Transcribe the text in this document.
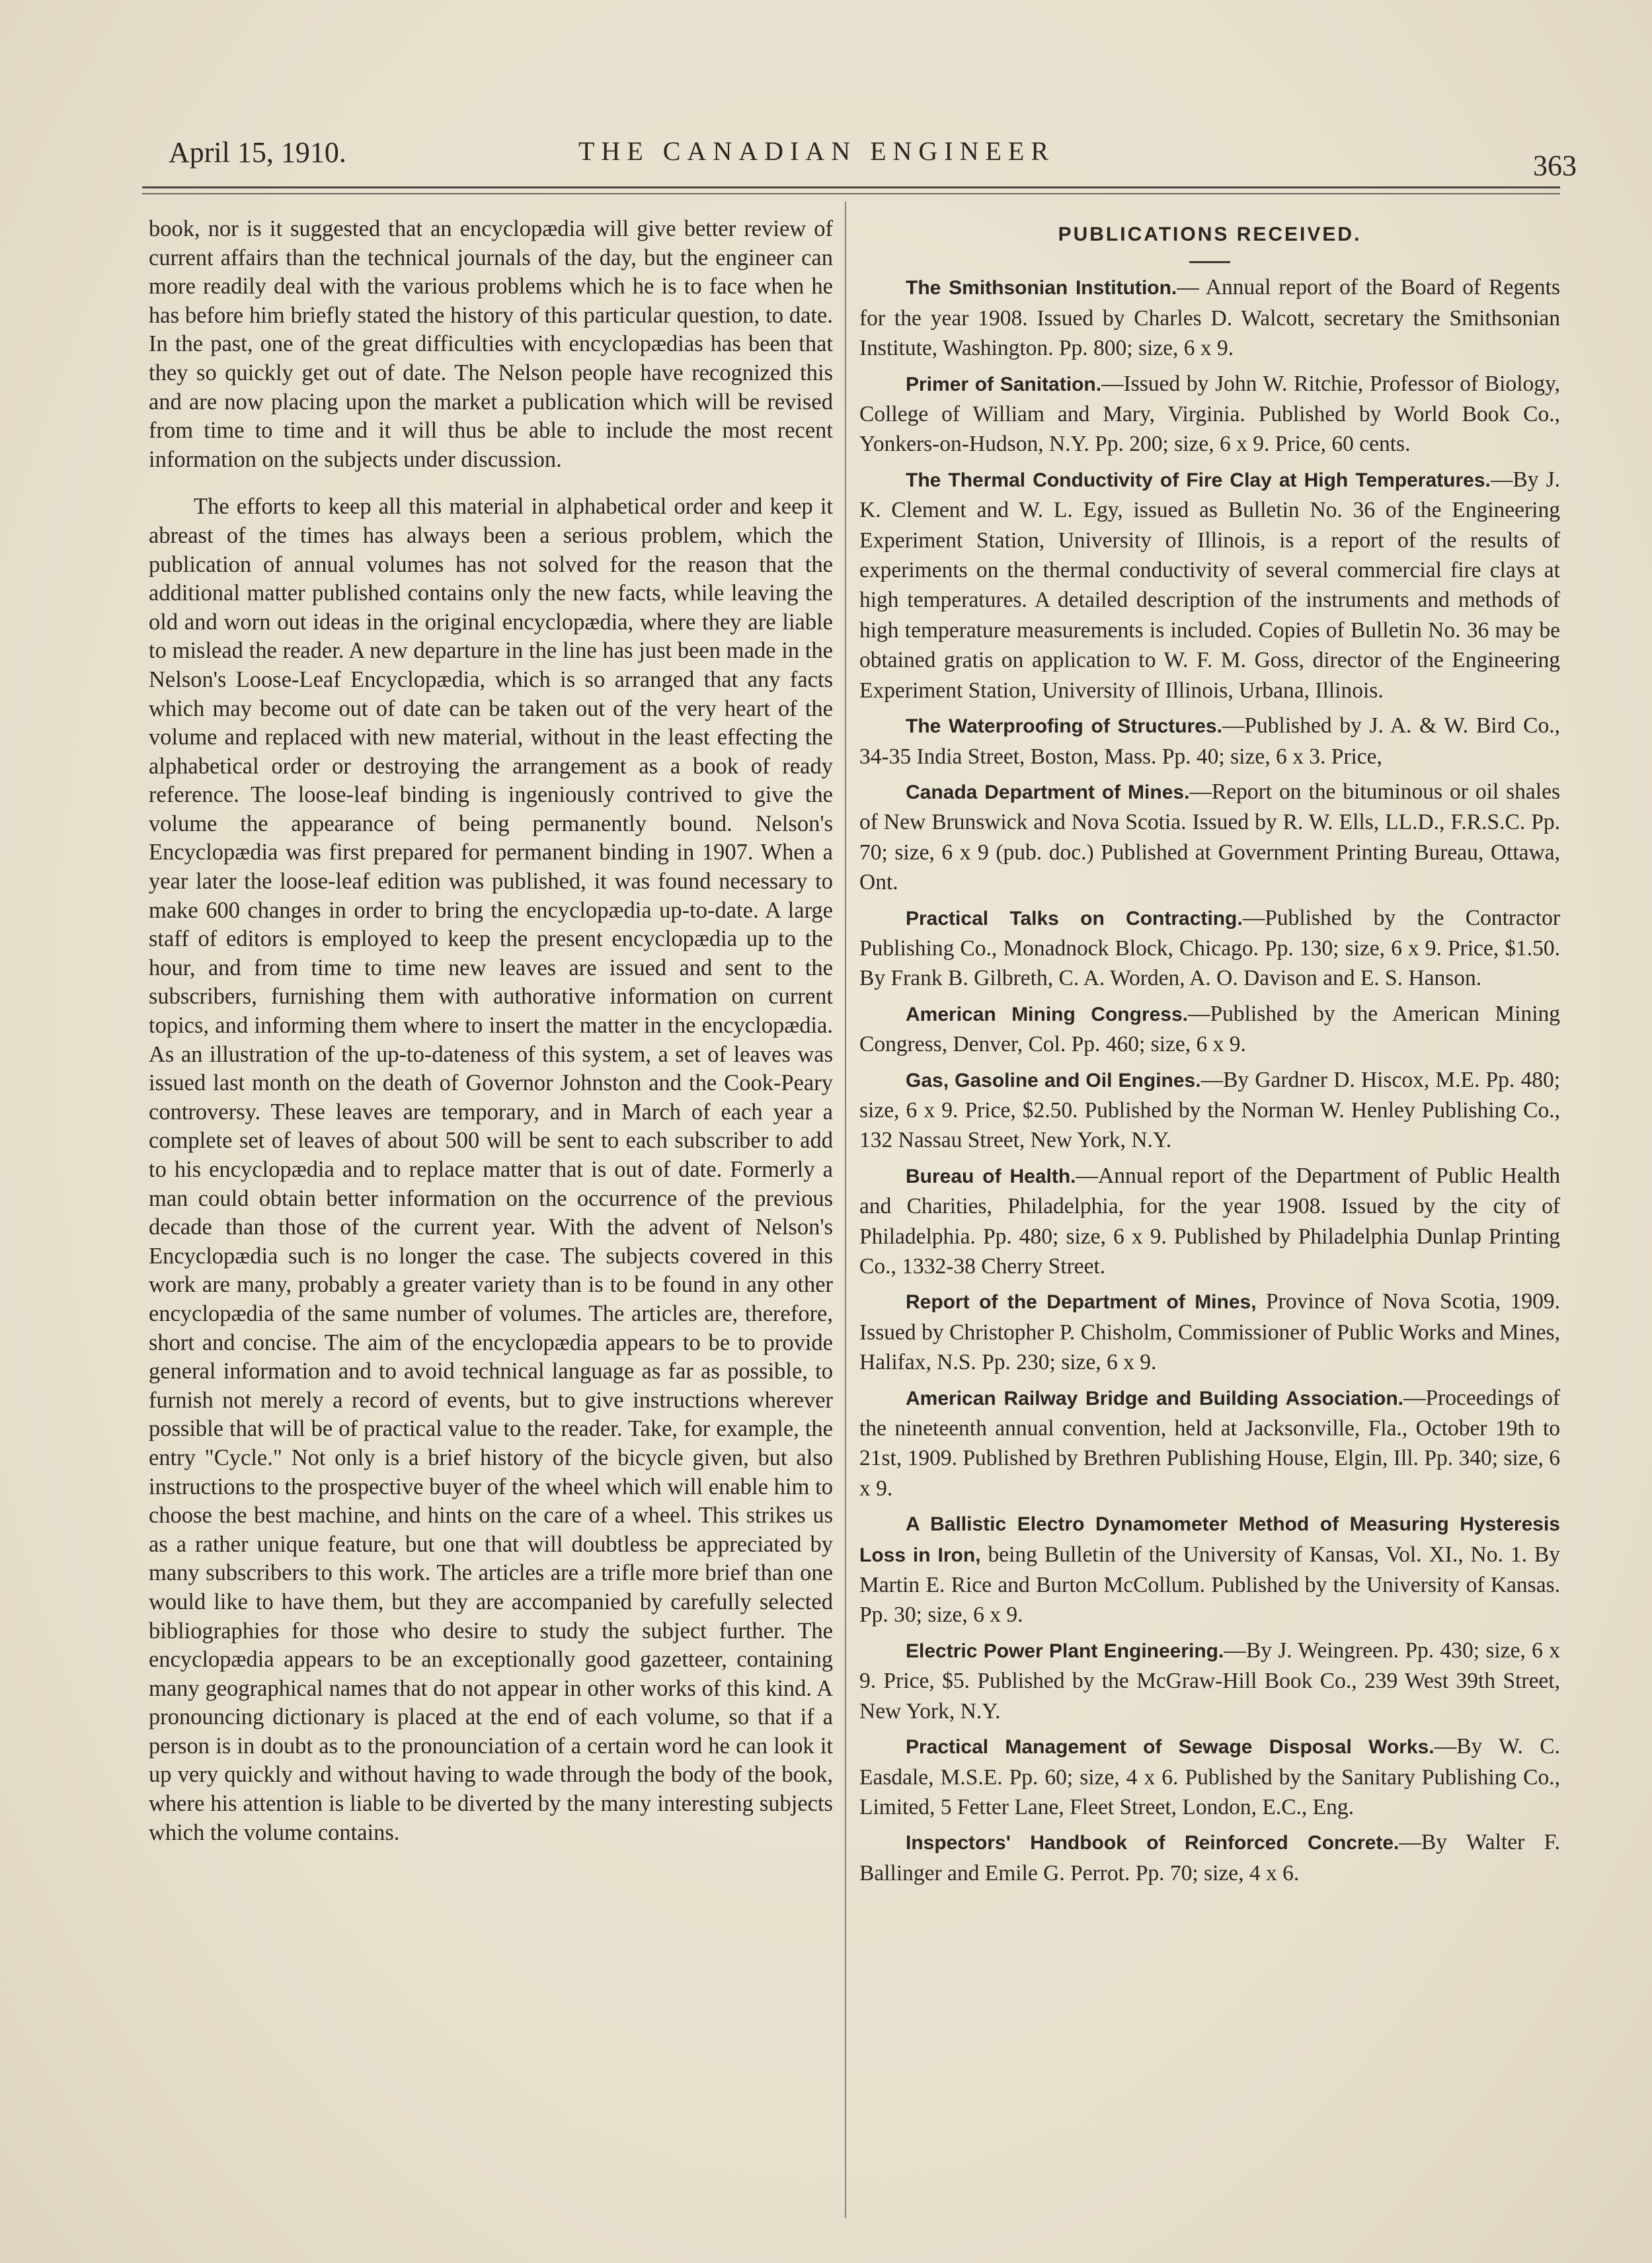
April 15, 1910.	THE CANADIAN ENGINEER	363

book, nor is it suggested that an encyclopædia will give better review of current affairs than the technical journals of the day, but the engineer can more readily deal with the various problems which he is to face when he has before him briefly stated the history of this particular question, to date. In the past, one of the great difficulties with encyclopædias has been that they so quickly get out of date. The Nelson people have recognized this and are now placing upon the market a publication which will be revised from time to time and it will thus be able to include the most recent information on the subjects under discussion.

The efforts to keep all this material in alphabetical order and keep it abreast of the times has always been a serious problem, which the publication of annual volumes has not solved for the reason that the additional matter published contains only the new facts, while leaving the old and worn out ideas in the original encyclopædia, where they are liable to mislead the reader. A new departure in the line has just been made in the Nelson's Loose-Leaf Encyclopædia, which is so arranged that any facts which may become out of date can be taken out of the very heart of the volume and replaced with new material, without in the least effecting the alphabetical order or destroying the arrangement as a book of ready reference. The loose-leaf binding is ingeniously contrived to give the volume the appearance of being permanently bound. Nelson's Encyclopædia was first prepared for permanent binding in 1907. When a year later the loose-leaf edition was published, it was found necessary to make 600 changes in order to bring the encyclopædia up-to-date. A large staff of editors is employed to keep the present encyclopædia up to the hour, and from time to time new leaves are issued and sent to the subscribers, furnishing them with authorative information on current topics, and informing them where to insert the matter in the encyclopædia. As an illustration of the up-to-dateness of this system, a set of leaves was issued last month on the death of Governor Johnston and the Cook-Peary controversy. These leaves are temporary, and in March of each year a complete set of leaves of about 500 will be sent to each subscriber to add to his encyclopædia and to replace matter that is out of date. Formerly a man could obtain better information on the occurrence of the previous decade than those of the current year. With the advent of Nelson's Encyclopædia such is no longer the case. The subjects covered in this work are many, probably a greater variety than is to be found in any other encyclopædia of the same number of volumes. The articles are, therefore, short and concise. The aim of the encyclopædia appears to be to provide general information and to avoid technical language as far as possible, to furnish not merely a record of events, but to give instructions wherever possible that will be of practical value to the reader. Take, for example, the entry "Cycle." Not only is a brief history of the bicycle given, but also instructions to the prospective buyer of the wheel which will enable him to choose the best machine, and hints on the care of a wheel. This strikes us as a rather unique feature, but one that will doubtless be appreciated by many subscribers to this work. The articles are a trifle more brief than one would like to have them, but they are accompanied by carefully selected bibliographies for those who desire to study the subject further. The encyclopædia appears to be an exceptionally good gazetteer, containing many geographical names that do not appear in other works of this kind. A pronouncing dictionary is placed at the end of each volume, so that if a person is in doubt as to the pronounciation of a certain word he can look it up very quickly and without having to wade through the body of the book, where his attention is liable to be diverted by the many interesting subjects which the volume contains.

PUBLICATIONS RECEIVED.

The Smithsonian Institution.— Annual report of the Board of Regents for the year 1908. Issued by Charles D. Walcott, secretary the Smithsonian Institute, Washington. Pp. 800; size, 6 x 9.

Primer of Sanitation.—Issued by John W. Ritchie, Professor of Biology, College of William and Mary, Virginia. Published by World Book Co., Yonkers-on-Hudson, N.Y. Pp. 200; size, 6 x 9. Price, 60 cents.

The Thermal Conductivity of Fire Clay at High Temperatures.—By J. K. Clement and W. L. Egy, issued as Bulletin No. 36 of the Engineering Experiment Station, University of Illinois, is a report of the results of experiments on the thermal conductivity of several commercial fire clays at high temperatures. A detailed description of the instruments and methods of high temperature measurements is included. Copies of Bulletin No. 36 may be obtained gratis on application to W. F. M. Goss, director of the Engineering Experiment Station, University of Illinois, Urbana, Illinois.

The Waterproofing of Structures.—Published by J. A. & W. Bird Co., 34-35 India Street, Boston, Mass. Pp. 40; size, 6 x 3. Price,

Canada Department of Mines.—Report on the bituminous or oil shales of New Brunswick and Nova Scotia. Issued by R. W. Ells, LL.D., F.R.S.C. Pp. 70; size, 6 x 9 (pub. doc.) Published at Government Printing Bureau, Ottawa, Ont.

Practical Talks on Contracting.—Published by the Contractor Publishing Co., Monadnock Block, Chicago. Pp. 130; size, 6 x 9. Price, $1.50. By Frank B. Gilbreth, C. A. Worden, A. O. Davison and E. S. Hanson.

American Mining Congress.—Published by the American Mining Congress, Denver, Col. Pp. 460; size, 6 x 9.

Gas, Gasoline and Oil Engines.—By Gardner D. Hiscox, M.E. Pp. 480; size, 6 x 9. Price, $2.50. Published by the Norman W. Henley Publishing Co., 132 Nassau Street, New York, N.Y.

Bureau of Health.—Annual report of the Department of Public Health and Charities, Philadelphia, for the year 1908. Issued by the city of Philadelphia. Pp. 480; size, 6 x 9. Published by Philadelphia Dunlap Printing Co., 1332-38 Cherry Street.

Report of the Department of Mines, Province of Nova Scotia, 1909. Issued by Christopher P. Chisholm, Commissioner of Public Works and Mines, Halifax, N.S. Pp. 230; size, 6 x 9.

American Railway Bridge and Building Association.—Proceedings of the nineteenth annual convention, held at Jacksonville, Fla., October 19th to 21st, 1909. Published by Brethren Publishing House, Elgin, Ill. Pp. 340; size, 6 x 9.

A Ballistic Electro Dynamometer Method of Measuring Hysteresis Loss in Iron, being Bulletin of the University of Kansas, Vol. XI., No. 1. By Martin E. Rice and Burton McCollum. Published by the University of Kansas. Pp. 30; size, 6 x 9.

Electric Power Plant Engineering.—By J. Weingreen. Pp. 430; size, 6 x 9. Price, $5. Published by the McGraw-Hill Book Co., 239 West 39th Street, New York, N.Y.

Practical Management of Sewage Disposal Works.—By W. C. Easdale, M.S.E. Pp. 60; size, 4 x 6. Published by the Sanitary Publishing Co., Limited, 5 Fetter Lane, Fleet Street, London, E.C., Eng.

Inspectors' Handbook of Reinforced Concrete.—By Walter F. Ballinger and Emile G. Perrot. Pp. 70; size, 4 x 6.
